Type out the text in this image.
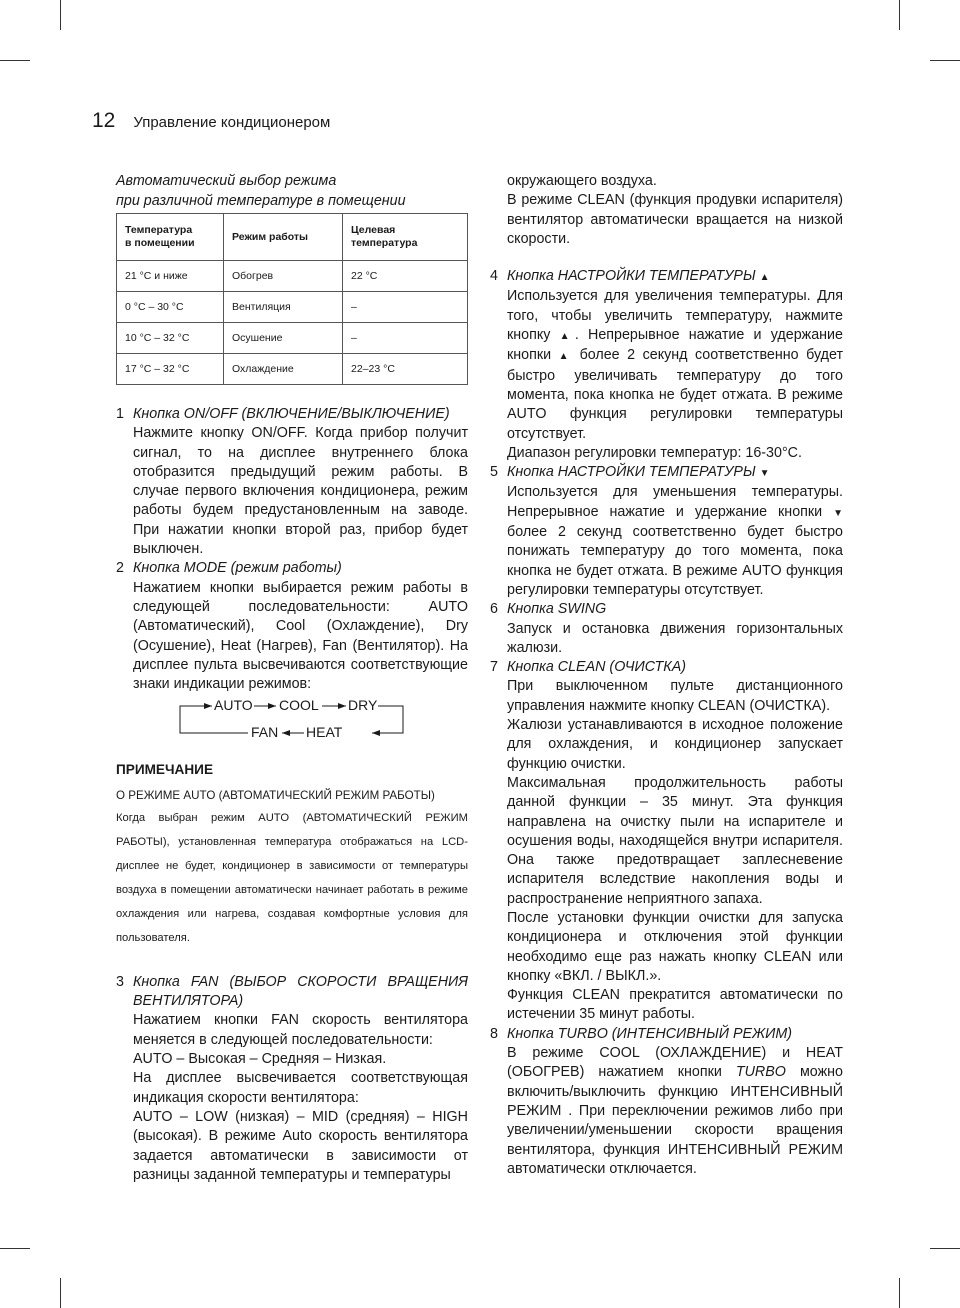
12 Управление кондиционером
Автоматический выбор режима
при различной температуре в помещении
Температура
в помещении	Режим работы	Целевая
температура
21 °С и ниже	Обогрев	22 °С
0 °С – 30 °С	Вентиляция	–
10 °С – 32 °С	Осушение	–
17 °С – 32 °С	Охлаждение	22–23 °С
1 Кнопка ON/OFF (ВКЛЮЧЕНИЕ/ВЫКЛЮЧЕНИЕ)
Нажмите кнопку ON/OFF. Когда прибор получит сигнал, то на дисплее внутреннего блока отобразится предыдущий режим работы. В случае первого включения кондиционера, режим работы будем предустановленным на заводе. При нажатии кнопки второй раз, прибор будет выключен.
2 Кнопка MODE (режим работы)
Нажатием кнопки выбирается режим работы в следующей последовательности: AUTO (Автоматический), Cool (Охлаждение), Dry (Осушение), Heat (Нагрев), Fan (Вентилятор). На дисплее пульта высвечиваются соответствующие знаки индикации режимов:
AUTO COOL DRY
FAN HEAT
ПРИМЕЧАНИЕ
О РЕЖИМЕ AUTO (АВТОМАТИЧЕСКИЙ РЕЖИМ РАБОТЫ)
Когда выбран режим AUTO (АВТОМАТИЧЕСКИЙ РЕЖИМ РАБОТЫ), установленная температура отображаться на LCD-дисплее не будет, кондиционер в зависимости от температуры воздуха в помещении автоматически начинает работать в режиме охлаждения или нагрева, создавая комфортные условия для пользователя.
3 Кнопка FAN (ВЫБОР СКОРОСТИ ВРАЩЕНИЯ ВЕНТИЛЯТОРА)
Нажатием кнопки FAN скорость вентилятора меняется в следующей последовательности:
AUTO – Высокая – Средняя – Низкая.
На дисплее высвечивается соответствующая индикация скорости вентилятора:
AUTO – LOW (низкая) – MID (средняя) – HIGH (высокая). В режиме Auto скорость вентилятора задается автоматически в зависимости от разницы заданной температуры и температуры
окружающего воздуха.
В режиме CLEAN (функция продувки испарителя) вентилятор автоматически вращается на низкой скорости.
4 Кнопка НАСТРОЙКИ ТЕМПЕРАТУРЫ ▲
Используется для увеличения температуры. Для того, чтобы увеличить температуру, нажмите кнопку ▲. Непрерывное нажатие и удержание кнопки ▲ более 2 секунд соответственно будет быстро увеличивать температуру до того момента, пока кнопка не будет отжата. В режиме AUTO функция регулировки температуры отсутствует.
Диапазон регулировки температур: 16-30°С.
5 Кнопка НАСТРОЙКИ ТЕМПЕРАТУРЫ ▼
Используется для уменьшения температуры. Непрерывное нажатие и удержание кнопки ▼ более 2 секунд соответственно будет быстро понижать температуру до того момента, пока кнопка не будет отжата. В режиме AUTO функция регулировки температуры отсутствует.
6 Кнопка SWING
Запуск и остановка движения горизонтальных жалюзи.
7 Кнопка CLEAN (ОЧИСТКА)
При выключенном пульте дистанционного управления нажмите кнопку CLEAN (ОЧИСТКА).
Жалюзи устанавливаются в исходное положение для охлаждения, и кондиционер запускает функцию очистки.
Максимальная продолжительность работы данной функции – 35 минут. Эта функция направлена на очистку пыли на испарителе и осушения воды, находящейся внутри испарителя. Она также предотвращает заплесневение испарителя вследствие накопления воды и распространение неприятного запаха.
После установки функции очистки для запуска кондиционера и отключения этой функции необходимо еще раз нажать кнопку CLEAN или кнопку «ВКЛ. / ВЫКЛ.».
Функция CLEAN прекратится автоматически по истечении 35 минут работы.
8 Кнопка TURBO (ИНТЕНСИВНЫЙ РЕЖИМ)
В режиме COOL (ОХЛАЖДЕНИЕ) и HEAT (ОБОГРЕВ) нажатием кнопки TURBO можно включить/выключить функцию ИНТЕНСИВНЫЙ РЕЖИМ . При переключении режимов либо при увеличении/уменьшении скорости вращения вентилятора, функция ИНТЕНСИВНЫЙ РЕЖИМ автоматически отключается.
